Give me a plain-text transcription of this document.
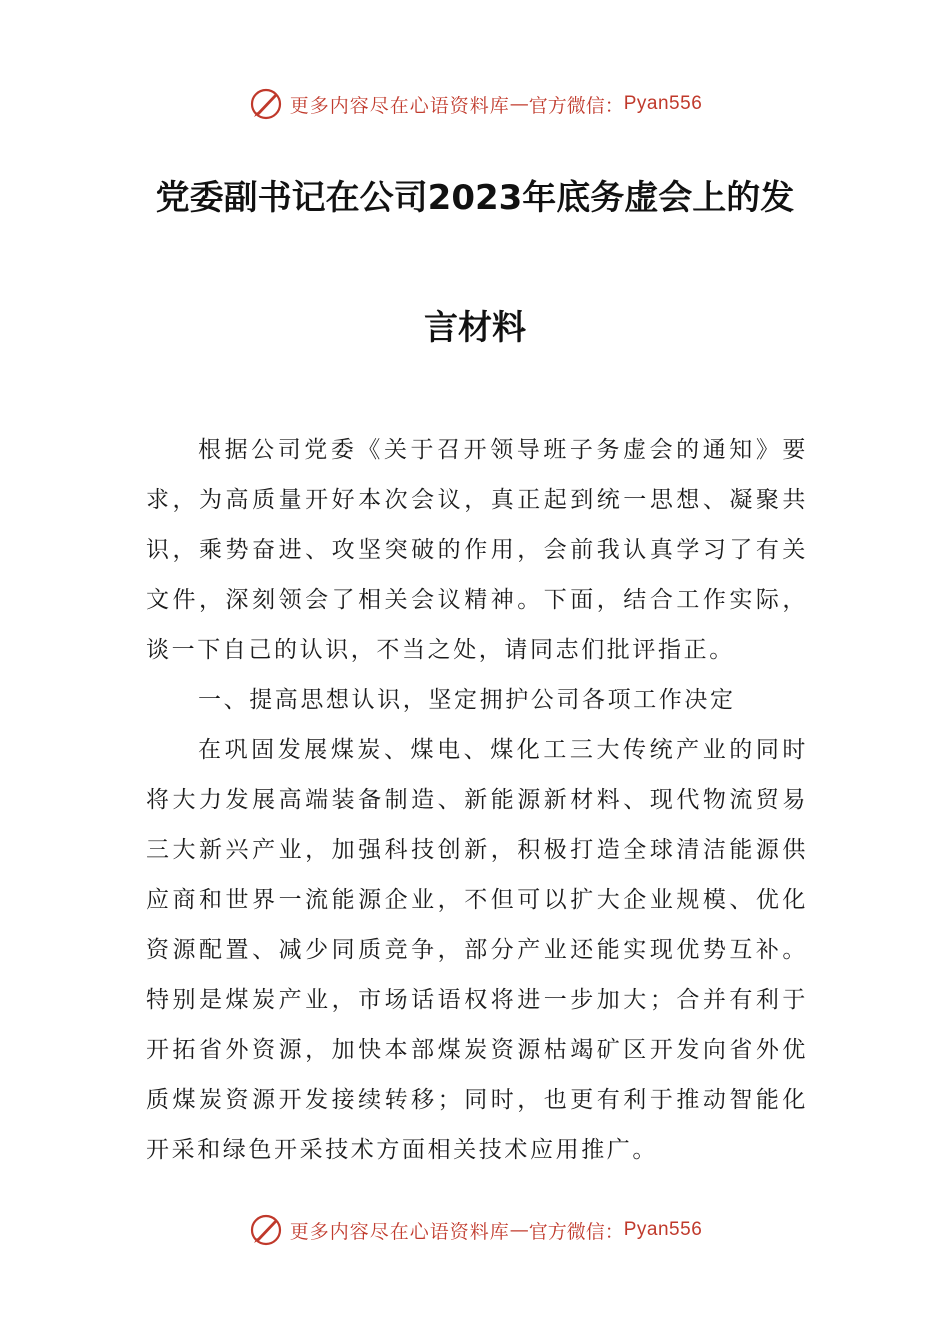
更多内容尽在心语资料库 — 官方微信： Pyan556
党委副书记在公司2023年底务虚会上的发
言材料

根据公司党委《关于召开领导班子务虚会的通知》要求，为高质量开好本次会议，真正起到统一思想、凝聚共识，乘势奋进、攻坚突破的作用，会前我认真学习了有关文件，深刻领会了相关会议精神。下面，结合工作实际，谈一下自己的认识，不当之处，请同志们批评指正。

一、提高思想认识，坚定拥护公司各项工作决定

在巩固发展煤炭、煤电、煤化工三大传统产业的同时将大力发展高端装备制造、新能源新材料、现代物流贸易三大新兴产业，加强科技创新，积极打造全球清洁能源供应商和世界一流能源企业，不但可以扩大企业规模、优化资源配置、减少同质竞争，部分产业还能实现优势互补。特别是煤炭产业，市场话语权将进一步加大；合并有利于开拓省外资源，加快本部煤炭资源枯竭矿区开发向省外优质煤炭资源开发接续转移；同时，也更有利于推动智能化开采和绿色开采技术方面相关技术应用推广。

更多内容尽在心语资料库 — 官方微信： Pyan556
